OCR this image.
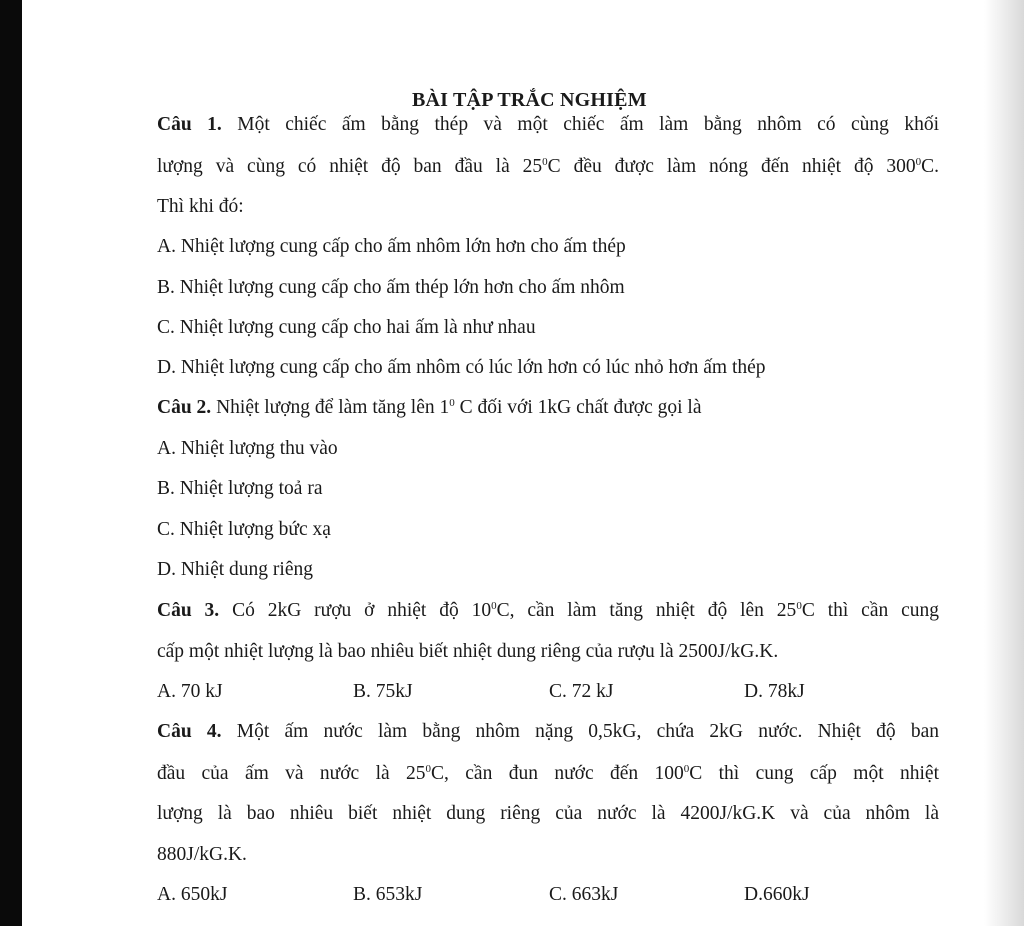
BÀI TẬP TRẮC NGHIỆM
Câu 1. Một chiếc ấm bằng thép và một chiếc ấm làm bằng nhôm có cùng khối
lượng và cùng có nhiệt độ ban đầu là $25^0C$ đều được làm nóng đến nhiệt độ $300^0C$.
Thì khi đó:
A. Nhiệt lượng cung cấp cho ấm nhôm lớn hơn cho ấm thép
B. Nhiệt lượng cung cấp cho ấm thép lớn hơn cho ấm nhôm
C. Nhiệt lượng cung cấp cho hai ấm là như nhau
D. Nhiệt lượng cung cấp cho ấm nhôm có lúc lớn hơn có lúc nhỏ hơn ấm thép
Câu 2. Nhiệt lượng để làm tăng lên $1^0$ C đối với 1kG chất được gọi là
A. Nhiệt lượng thu vào
B. Nhiệt lượng toả ra
C. Nhiệt lượng bức xạ
D. Nhiệt dung riêng
Câu 3. Có 2kG rượu ở nhiệt độ $10^0C$, cần làm tăng nhiệt độ lên $25^0C$ thì cần cung
cấp một nhiệt lượng là bao nhiêu biết nhiệt dung riêng của rượu là 2500J/kG.K.
A. 70 kJ	B. 75kJ	C. 72 kJ	D. 78kJ
Câu 4. Một ấm nước làm bằng nhôm nặng 0,5kG, chứa 2kG nước. Nhiệt độ ban
đầu của ấm và nước là $25^0C$, cần đun nước đến $100^0C$ thì cung cấp một nhiệt
lượng là bao nhiêu biết nhiệt dung riêng của nước là 4200J/kG.K và của nhôm là
880J/kG.K.
A. 650kJ	B. 653kJ	C. 663kJ	D.660kJ
